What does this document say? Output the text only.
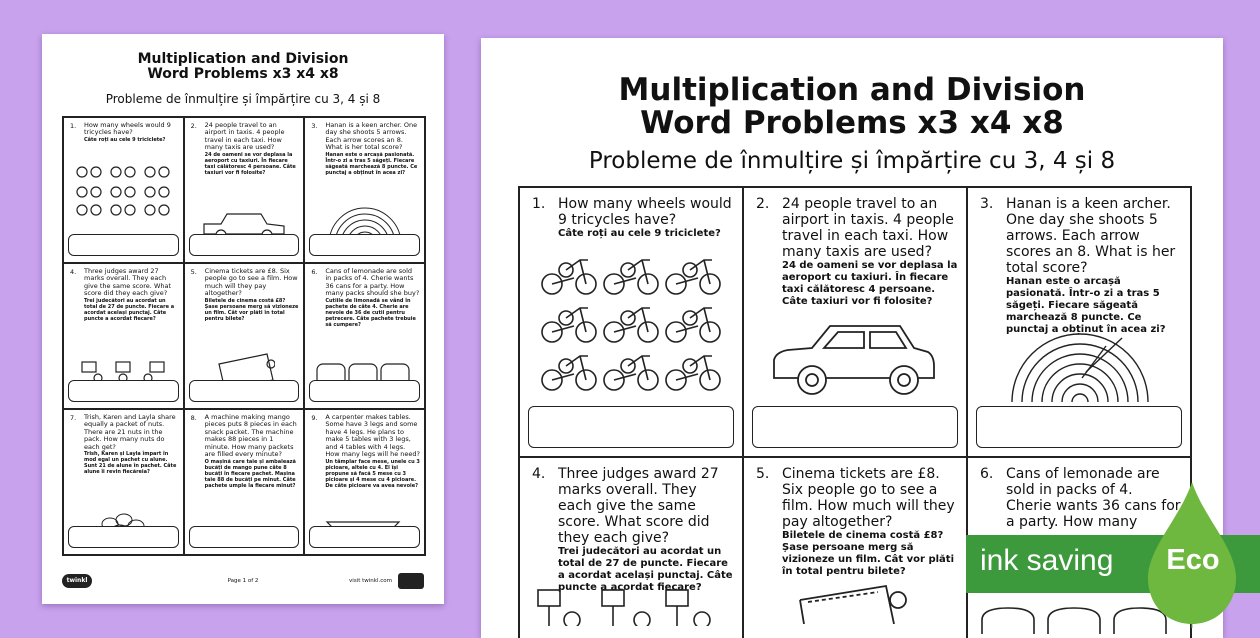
Multiplication and Division
Word Problems x3 x4 x8
Probleme de înmulțire și împărțire cu 3, 4 și 8
1. How many wheels would 9 tricycles have?
Câte roți au cele 9 triciclete?
2. 24 people travel to an airport in taxis. 4 people travel in each taxi. How many taxis are used?
24 de oameni se vor deplasa la aeroport cu taxiuri. În fiecare taxi călătoresc 4 persoane. Câte taxiuri vor fi folosite?
3. Hanan is a keen archer. One day she shoots 5 arrows. Each arrow scores an 8. What is her total score?
Hanan este o arcașă pasionată. Într-o zi a tras 5 săgeți. Fiecare săgeată marchează 8 puncte. Ce punctaj a obținut în acea zi?
4. Three judges award 27 marks overall. They each give the same score. What score did they each give?
Trei judecători au acordat un total de 27 de puncte. Fiecare a acordat același punctaj. Câte puncte a acordat fiecare?
5. Cinema tickets are £8. Six people go to see a film. How much will they pay altogether?
Biletele de cinema costă £8? Șase persoane merg să vizioneze un film. Cât vor plăti în total pentru bilete?
6. Cans of lemonade are sold in packs of 4. Cherie wants 36 cans for a party. How many packs should she buy?
Cutiile de limonadă se vând în pachete de câte 4. Cherie are nevoie de 36 de cutii pentru petrecere. Câte pachete trebuie să cumpere?
7. Trish, Karen and Layla share equally a packet of nuts. There are 21 nuts in the pack. How many nuts do each get?
Trish, Karen și Layla împart în mod egal un pachet cu alune. Sunt 21 de alune în pachet. Câte alune îi revin fiecăreia?
8. A machine making mango pieces puts 8 pieces in each snack packet. The machine makes 88 pieces in 1 minute. How many packets are filled every minute?
O mașină care taie și ambalează bucăți de mango pune câte 8 bucăți în fiecare pachet. Mașina taie 88 de bucăți pe minut. Câte pachete umple la fiecare minut?
9. A carpenter makes tables. Some have 3 legs and some have 4 legs. He plans to make 5 tables with 3 legs, and 4 tables with 4 legs. How many legs will he need?
Un tâmplar face mese, unele cu 3 picioare, altele cu 4. El își propune să facă 5 mese cu 3 picioare și 4 mese cu 4 picioare. De câte picioare va avea nevoie?
twinkl	Page 1 of 2	visit twinkl.com
Multiplication and Division
Word Problems x3 x4 x8
Probleme de înmulțire și împărțire cu 3, 4 și 8
1. How many wheels would 9 tricycles have?
Câte roți au cele 9 triciclete?
2. 24 people travel to an airport in taxis. 4 people travel in each taxi. How many taxis are used?
24 de oameni se vor deplasa la aeroport cu taxiuri. În fiecare taxi călătoresc 4 persoane. Câte taxiuri vor fi folosite?
3. Hanan is a keen archer. One day she shoots 5 arrows. Each arrow scores an 8. What is her total score?
Hanan este o arcașă pasionată. Într-o zi a tras 5 săgeți. Fiecare săgeată marchează 8 puncte. Ce punctaj a obținut în acea zi?
4. Three judges award 27 marks overall. They each give the same score. What score did they each give?
Trei judecători au acordat un total de 27 de puncte. Fiecare a acordat același punctaj. Câte puncte a acordat fiecare?
5. Cinema tickets are £8. Six people go to see a film. How much will they pay altogether?
Biletele de cinema costă £8? Șase persoane merg să vizioneze un film. Cât vor plăti în total pentru bilete?
6. Cans of lemonade are sold in packs of 4. Cherie wants 36 cans for a party. How many
ink saving	Eco
